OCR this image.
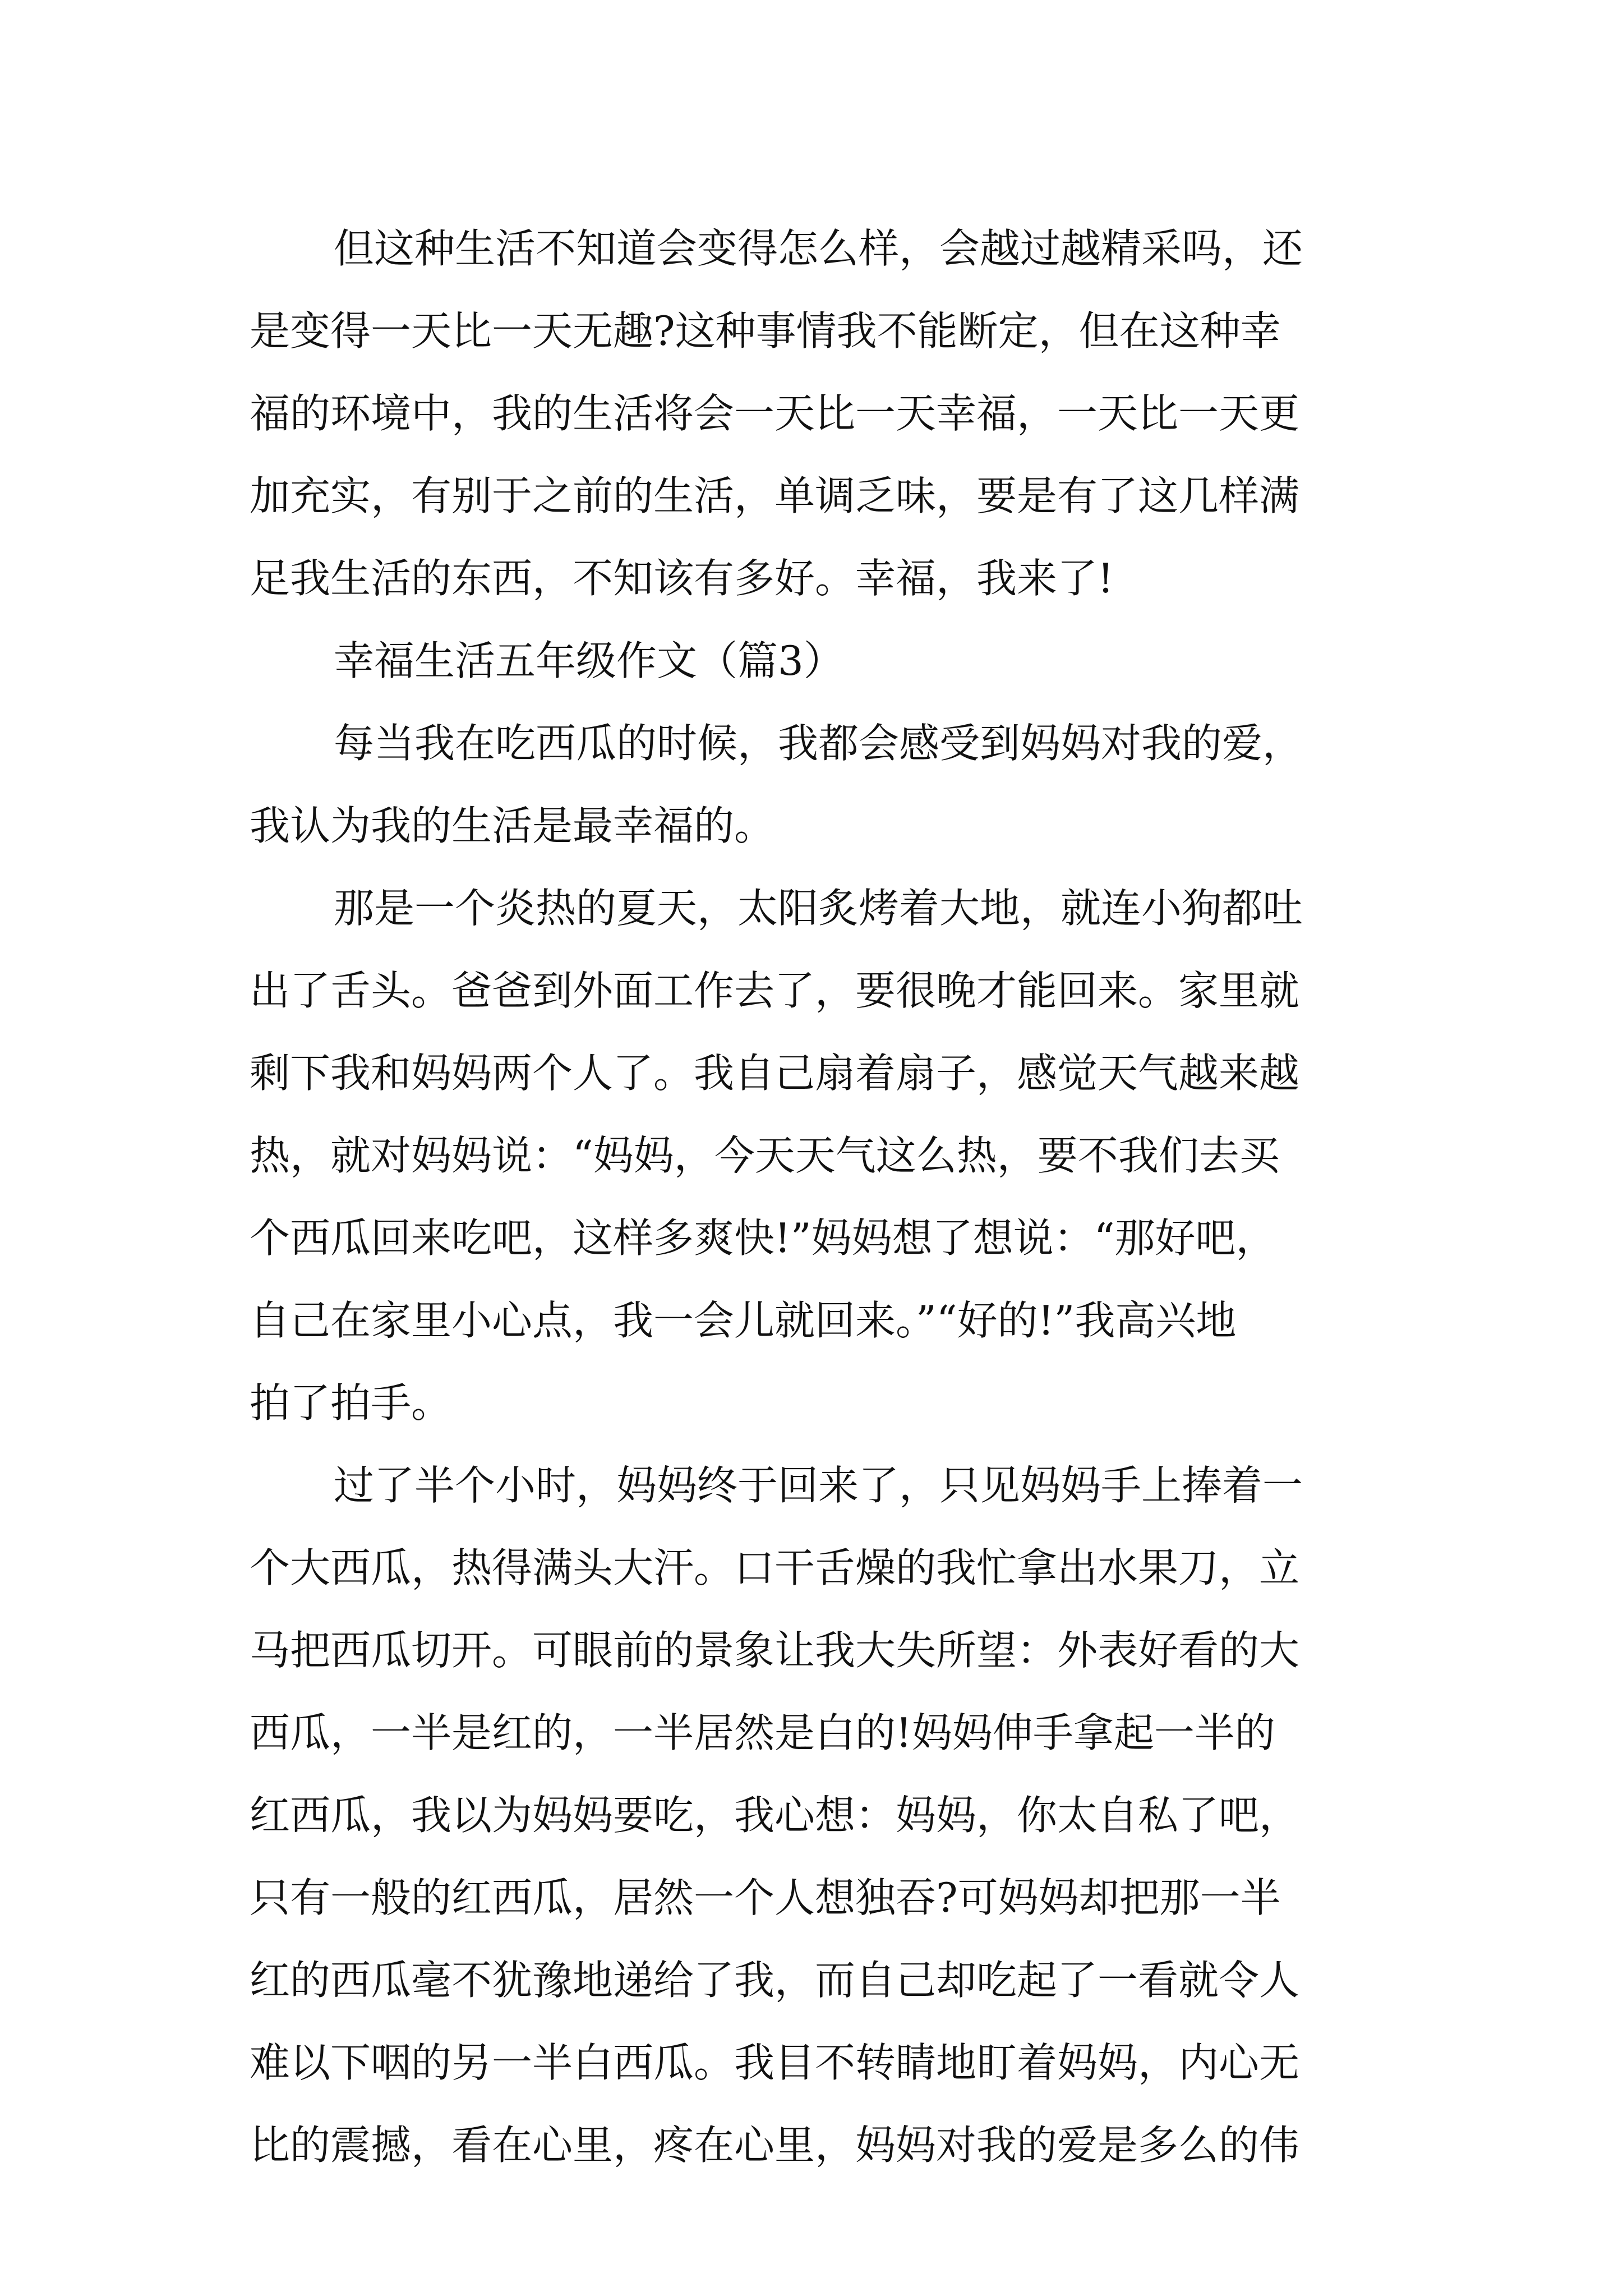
但这种生活不知道会变得怎么样，会越过越精采吗，还
是变得一天比一天无趣?这种事情我不能断定，但在这种幸
福的环境中，我的生活将会一天比一天幸福，一天比一天更
加充实，有别于之前的生活，单调乏味，要是有了这几样满
足我生活的东西，不知该有多好。幸福，我来了!
幸福生活五年级作文（篇3）
每当我在吃西瓜的时候，我都会感受到妈妈对我的爱，
我认为我的生活是最幸福的。
那是一个炎热的夏天，太阳炙烤着大地，就连小狗都吐
出了舌头。爸爸到外面工作去了，要很晚才能回来。家里就
剩下我和妈妈两个人了。我自己扇着扇子，感觉天气越来越
热，就对妈妈说：“妈妈，今天天气这么热，要不我们去买
个西瓜回来吃吧，这样多爽快!”妈妈想了想说：“那好吧，
自己在家里小心点，我一会儿就回来。”“好的!”我高兴地
拍了拍手。
过了半个小时，妈妈终于回来了，只见妈妈手上捧着一
个大西瓜，热得满头大汗。口干舌燥的我忙拿出水果刀，立
马把西瓜切开。可眼前的景象让我大失所望：外表好看的大
西瓜，一半是红的，一半居然是白的!妈妈伸手拿起一半的
红西瓜，我以为妈妈要吃，我心想：妈妈，你太自私了吧，
只有一般的红西瓜，居然一个人想独吞?可妈妈却把那一半
红的西瓜毫不犹豫地递给了我，而自己却吃起了一看就令人
难以下咽的另一半白西瓜。我目不转睛地盯着妈妈，内心无
比的震撼，看在心里，疼在心里，妈妈对我的爱是多么的伟
